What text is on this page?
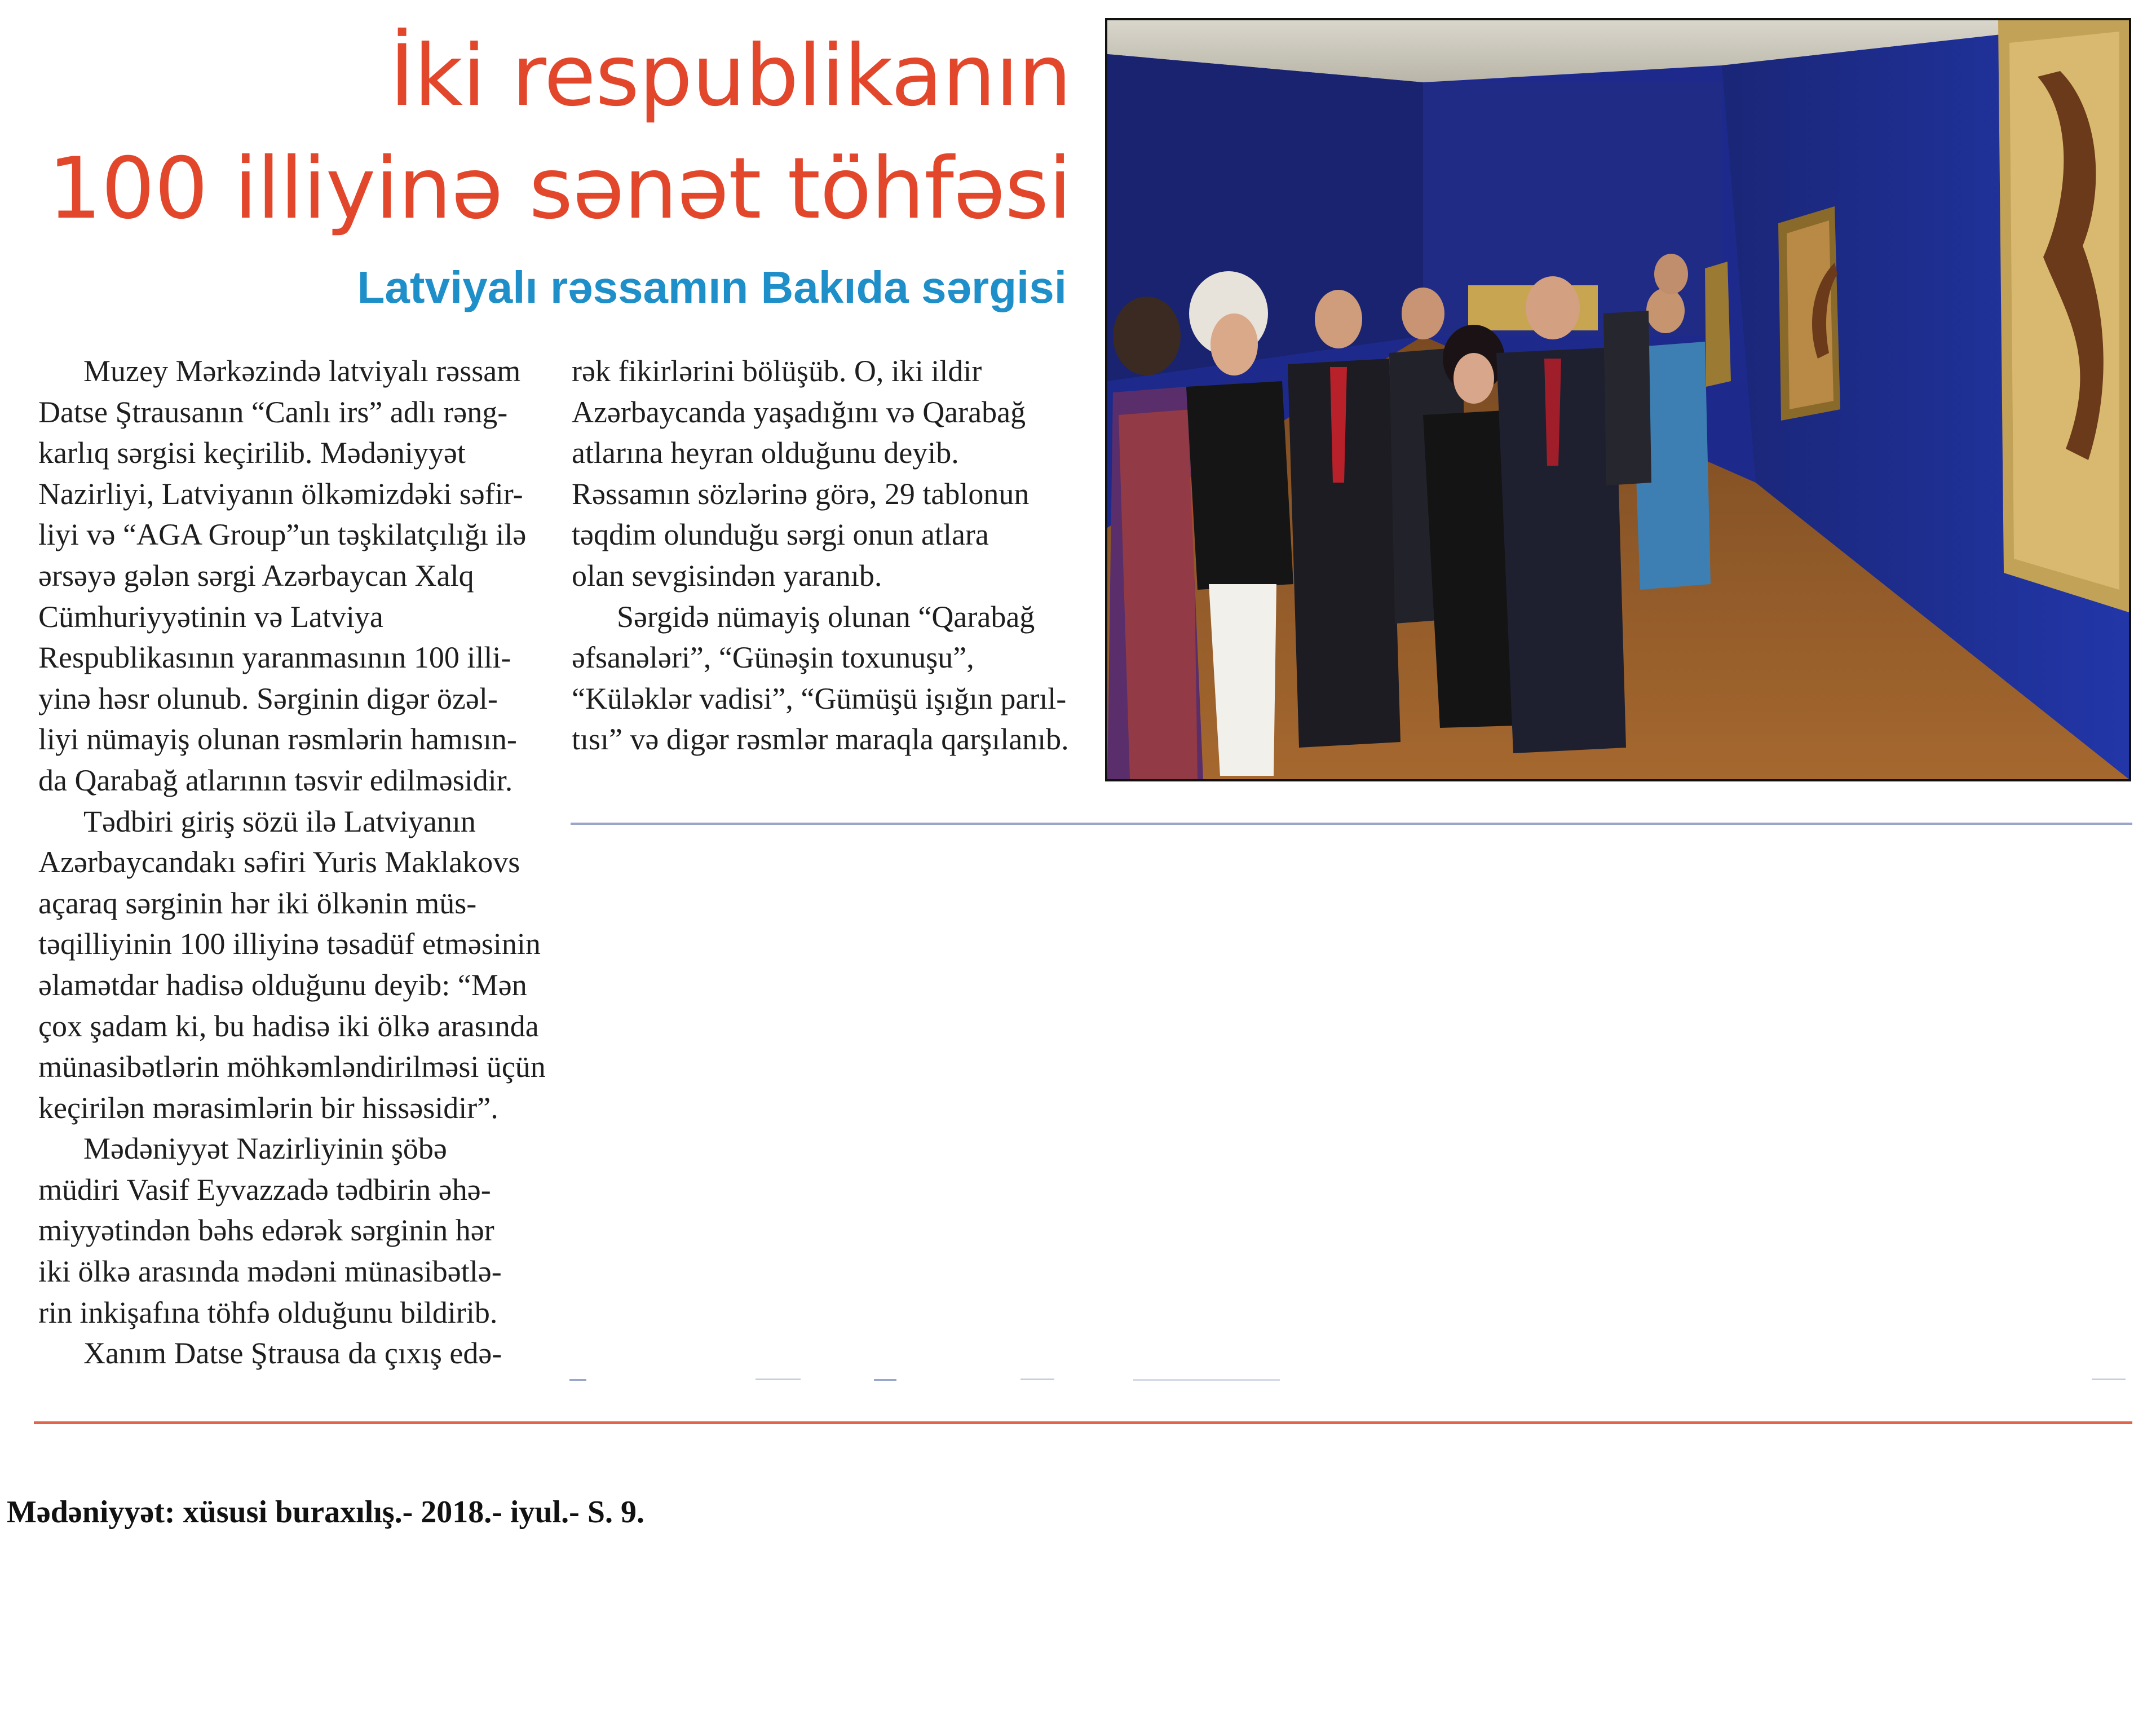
İki respublikanın
100 illiyinə sənət töhfəsi
Latviyalı rəssamın Bakıda sərgisi
Muzey Mərkəzində latviyalı rəssam
Datse Ştrausanın “Canlı irs” adlı rəng-
karlıq sərgisi keçirilib. Mədəniyyət
Nazirliyi, Latviyanın ölkəmizdəki səfir-
liyi və “AGA Group”un təşkilatçılığı ilə
ərsəyə gələn sərgi Azərbaycan Xalq
Cümhuriyyətinin və Latviya
Respublikasının yaranmasının 100 illi-
yinə həsr olunub. Sərginin digər özəl-
liyi nümayiş olunan rəsmlərin hamısın-
da Qarabağ atlarının təsvir edilməsidir.
Tədbiri giriş sözü ilə Latviyanın
Azərbaycandakı səfiri Yuris Maklakovs
açaraq sərginin hər iki ölkənin müs-
təqilliyinin 100 illiyinə təsadüf etməsinin
əlamətdar hadisə olduğunu deyib: “Mən
çox şadam ki, bu hadisə iki ölkə arasında
münasibətlərin möhkəmləndirilməsi üçün
keçirilən mərasimlərin bir hissəsidir”.
Mədəniyyət Nazirliyinin şöbə
müdiri Vasif Eyvazzadə tədbirin əhə-
miyyətindən bəhs edərək sərginin hər
iki ölkə arasında mədəni münasibətlə-
rin inkişafına töhfə olduğunu bildirib.
Xanım Datse Ştrausa da çıxış edə-
rək fikirlərini bölüşüb. O, iki ildir
Azərbaycanda yaşadığını və Qarabağ
atlarına heyran olduğunu deyib.
Rəssamın sözlərinə görə, 29 tablonun
təqdim olunduğu sərgi onun atlara
olan sevgisindən yaranıb.
Sərgidə nümayiş olunan “Qarabağ
əfsanələri”, “Günəşin toxunuşu”,
“Küləklər vadisi”, “Gümüşü işığın parıl-
tısı” və digər rəsmlər maraqla qarşılanıb.
Mədəniyyət: xüsusi buraxılış.- 2018.- iyul.- S. 9.
